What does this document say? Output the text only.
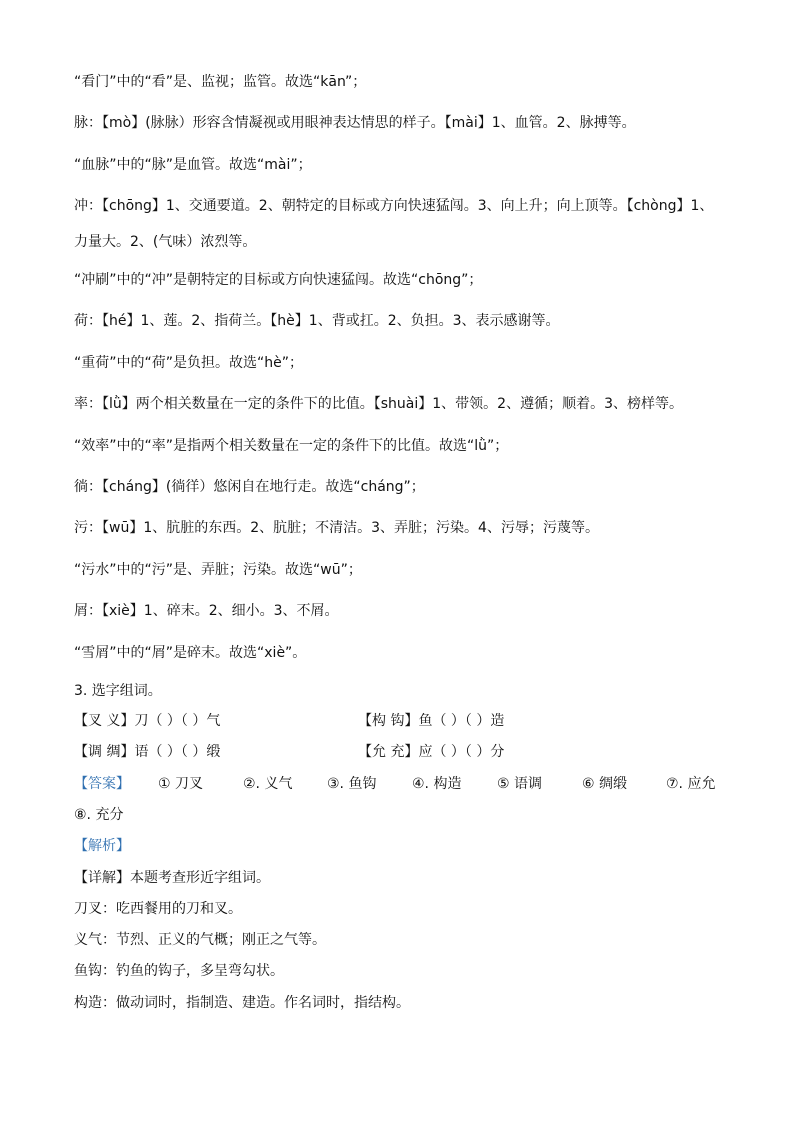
“看门”中的“看”是、监视；监管。故选“kān”；
脉：【mò】(脉脉）形容含情凝视或用眼神表达情思的样子。【mài】1、血管。2、脉搏等。
“血脉”中的“脉”是血管。故选“mài”；
冲：【chōng】1、交通要道。2、朝特定的目标或方向快速猛闯。3、向上升；向上顶等。【chòng】1、
力量大。2、(气味）浓烈等。
“冲刷”中的“冲”是朝特定的目标或方向快速猛闯。故选“chōng”；
荷：【hé】1、莲。2、指荷兰。【hè】1、背或扛。2、负担。3、表示感谢等。
“重荷”中的“荷”是负担。故选“hè”；
率：【lǜ】两个相关数量在一定的条件下的比值。【shuài】1、带领。2、遵循；顺着。3、榜样等。
“效率”中的“率”是指两个相关数量在一定的条件下的比值。故选“lǜ”；
徜：【cháng】(徜徉）悠闲自在地行走。故选“cháng”；
污：【wū】1、肮脏的东西。2、肮脏；不清洁。3、弄脏；污染。4、污辱；污蔑等。
“污水”中的“污”是、弄脏；污染。故选“wū”；
屑：【xiè】1、碎末。2、细小。3、不屑。
“雪屑”中的“屑”是碎末。故选“xiè”。
3. 选字组词。
【叉 义】刀（ ）（ ）气	【构 钩】鱼（ ）（ ）造
【调 绸】语（ ）（ ）缎	【允 充】应（ ）（ ）分
【答案】 ① 刀叉	②. 义气 ③. 鱼钩	④. 构造	⑤ 语调	⑥ 绸缎	⑦. 应允
⑧. 充分
【解析】
【详解】本题考查形近字组词。
刀叉：吃西餐用的刀和叉。
义气：节烈、正义的气概；刚正之气等。
鱼钩：钓鱼的钩子，多呈弯勾状。
构造：做动词时，指制造、建造。作名词时，指结构。
